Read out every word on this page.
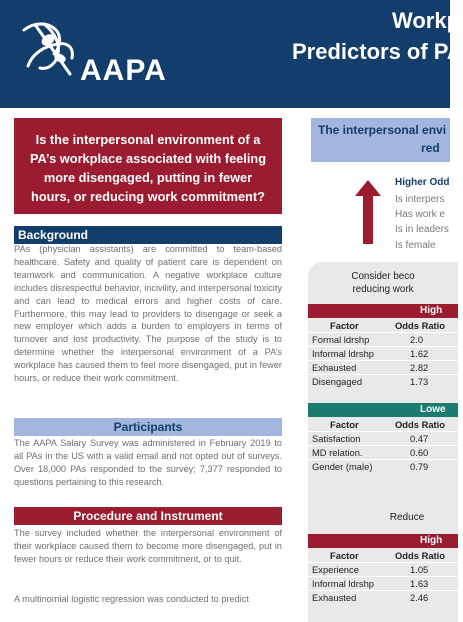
AAPA
Workp
Predictors of PA
Is the interpersonal environment of a PA’s workplace associated with feeling more disengaged, putting in fewer hours, or reducing work commitment?
Background
PAs (physician assistants) are committed to team-based healthcare. Safety and quality of patient care is dependent on teamwork and communication. A negative workplace culture includes disrespectful behavior, incivility, and interpersonal toxicity and can lead to medical errors and higher costs of care. Furthermore, this may lead to providers to disengage or seek a new employer which adds a burden to employers in terms of turnover and lost productivity. The purpose of the study is to determine whether the interpersonal environment of a PA’s workplace has caused them to feel more disengaged, put in fewer hours, or reduce their work commitment.
Participants
The AAPA Salary Survey was administered in February 2019 to all PAs in the US with a valid email and not opted out of surveys. Over 18,000 PAs responded to the survey; 7,377 responded to questions pertaining to this research.
Procedure and Instrument
The survey included whether the interpersonal environment of their workplace caused them to become more disengaged, put in fewer hours or reduce their work commitment, or to quit.
A multinomial logistic regression was conducted to predict
The interpersonal envi
red
Higher Odd
Is interpers
Has work e
Is in leaders
Is female
Consider beco
reducing work
High
Factor	Odds Ratio
Formal ldrshp	2.0
Informal ldrshp	1.62
Exhausted	2.82
Disengaged	1.73
Lowe
Factor	Odds Ratio
Satisfaction	0.47
MD relation.	0.60
Gender (male)	0.79
Reduce
High
Factor	Odds Ratio
Experience	1.05
Informal ldrshp	1.63
Exhausted	2.46
